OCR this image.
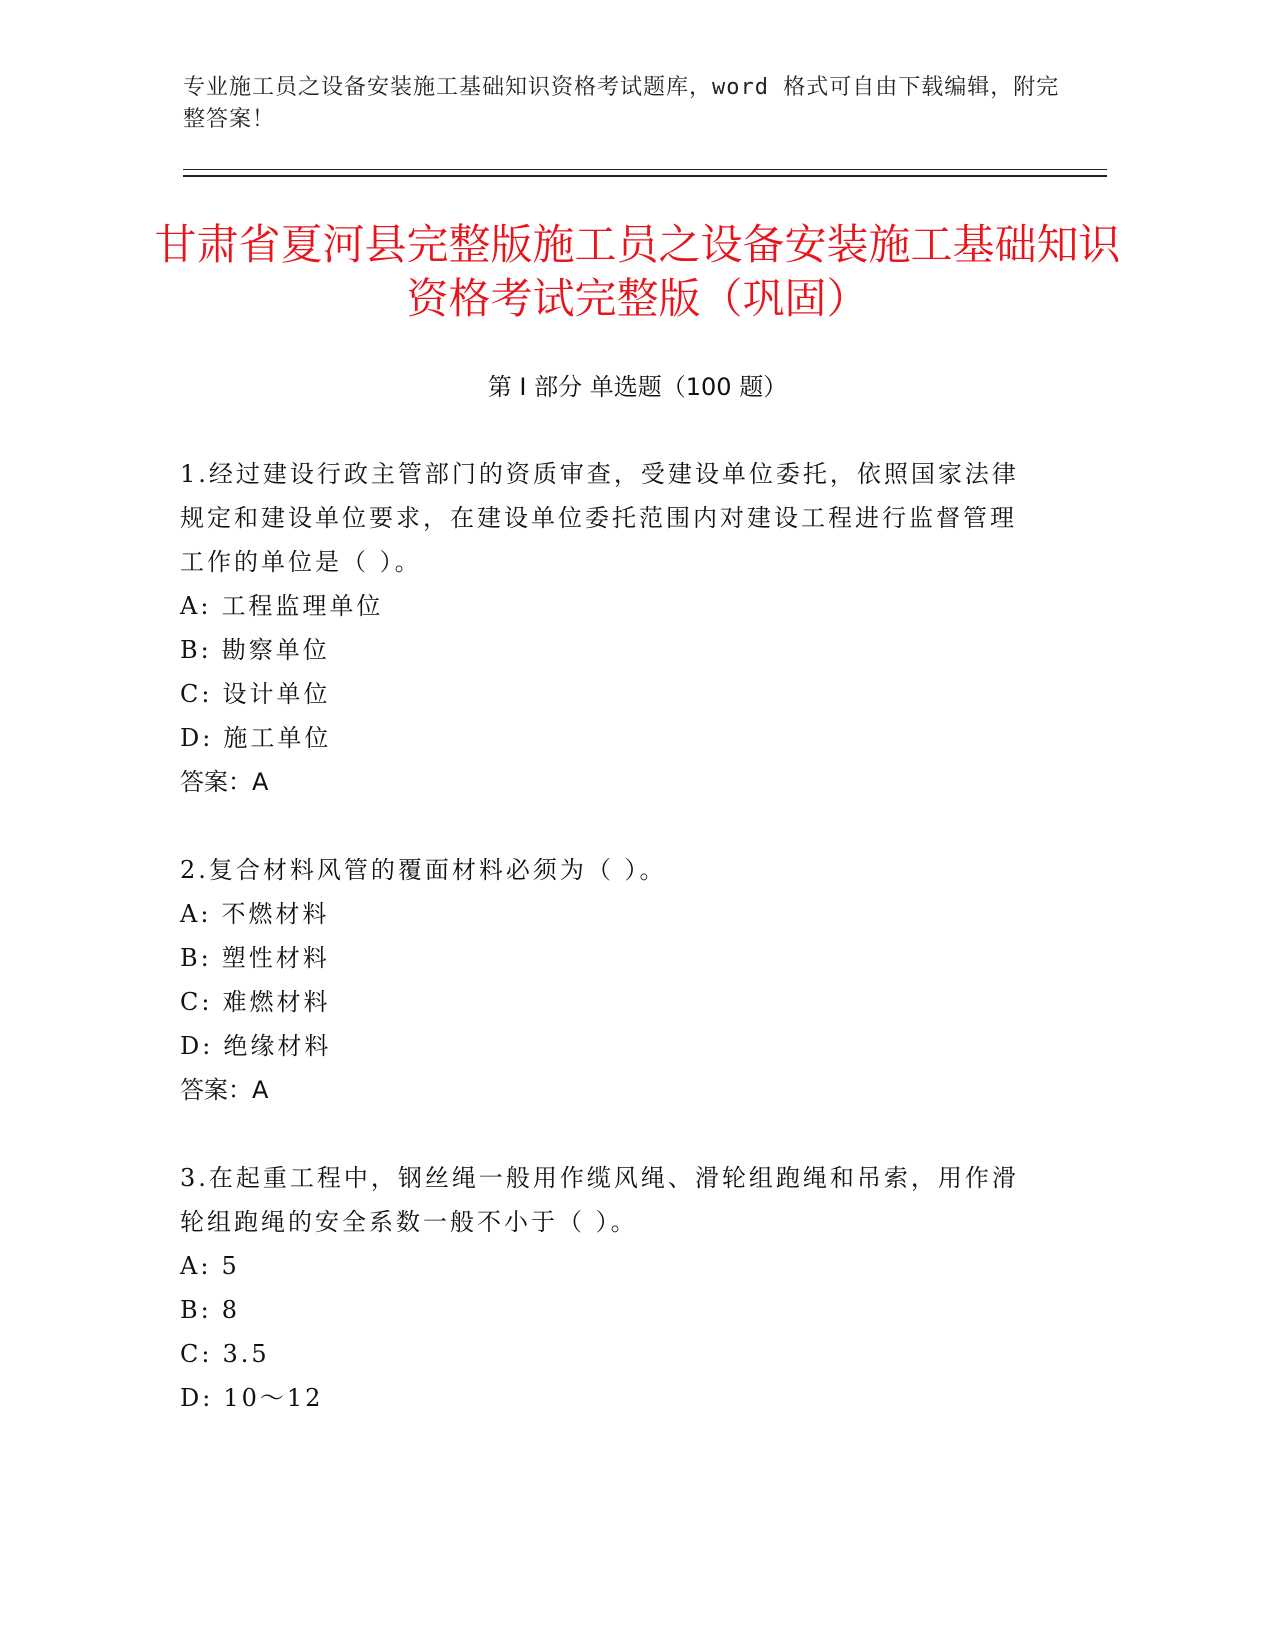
专业施工员之设备安装施工基础知识资格考试题库，word 格式可自由下载编辑，附完整答案！
甘肃省夏河县完整版施工员之设备安装施工基础知识资格考试完整版（巩固）
第 I 部分 单选题（100 题）
1.经过建设行政主管部门的资质审查，受建设单位委托，依照国家法律规定和建设单位要求，在建设单位委托范围内对建设工程进行监督管理工作的单位是（ ）。
A: 工程监理单位
B: 勘察单位
C: 设计单位
D: 施工单位
答案：A
2.复合材料风管的覆面材料必须为（ ）。
A: 不燃材料
B: 塑性材料
C: 难燃材料
D: 绝缘材料
答案：A
3.在起重工程中，钢丝绳一般用作缆风绳、滑轮组跑绳和吊索，用作滑轮组跑绳的安全系数一般不小于（ ）。
A: 5
B: 8
C: 3.5
D: 10～12
